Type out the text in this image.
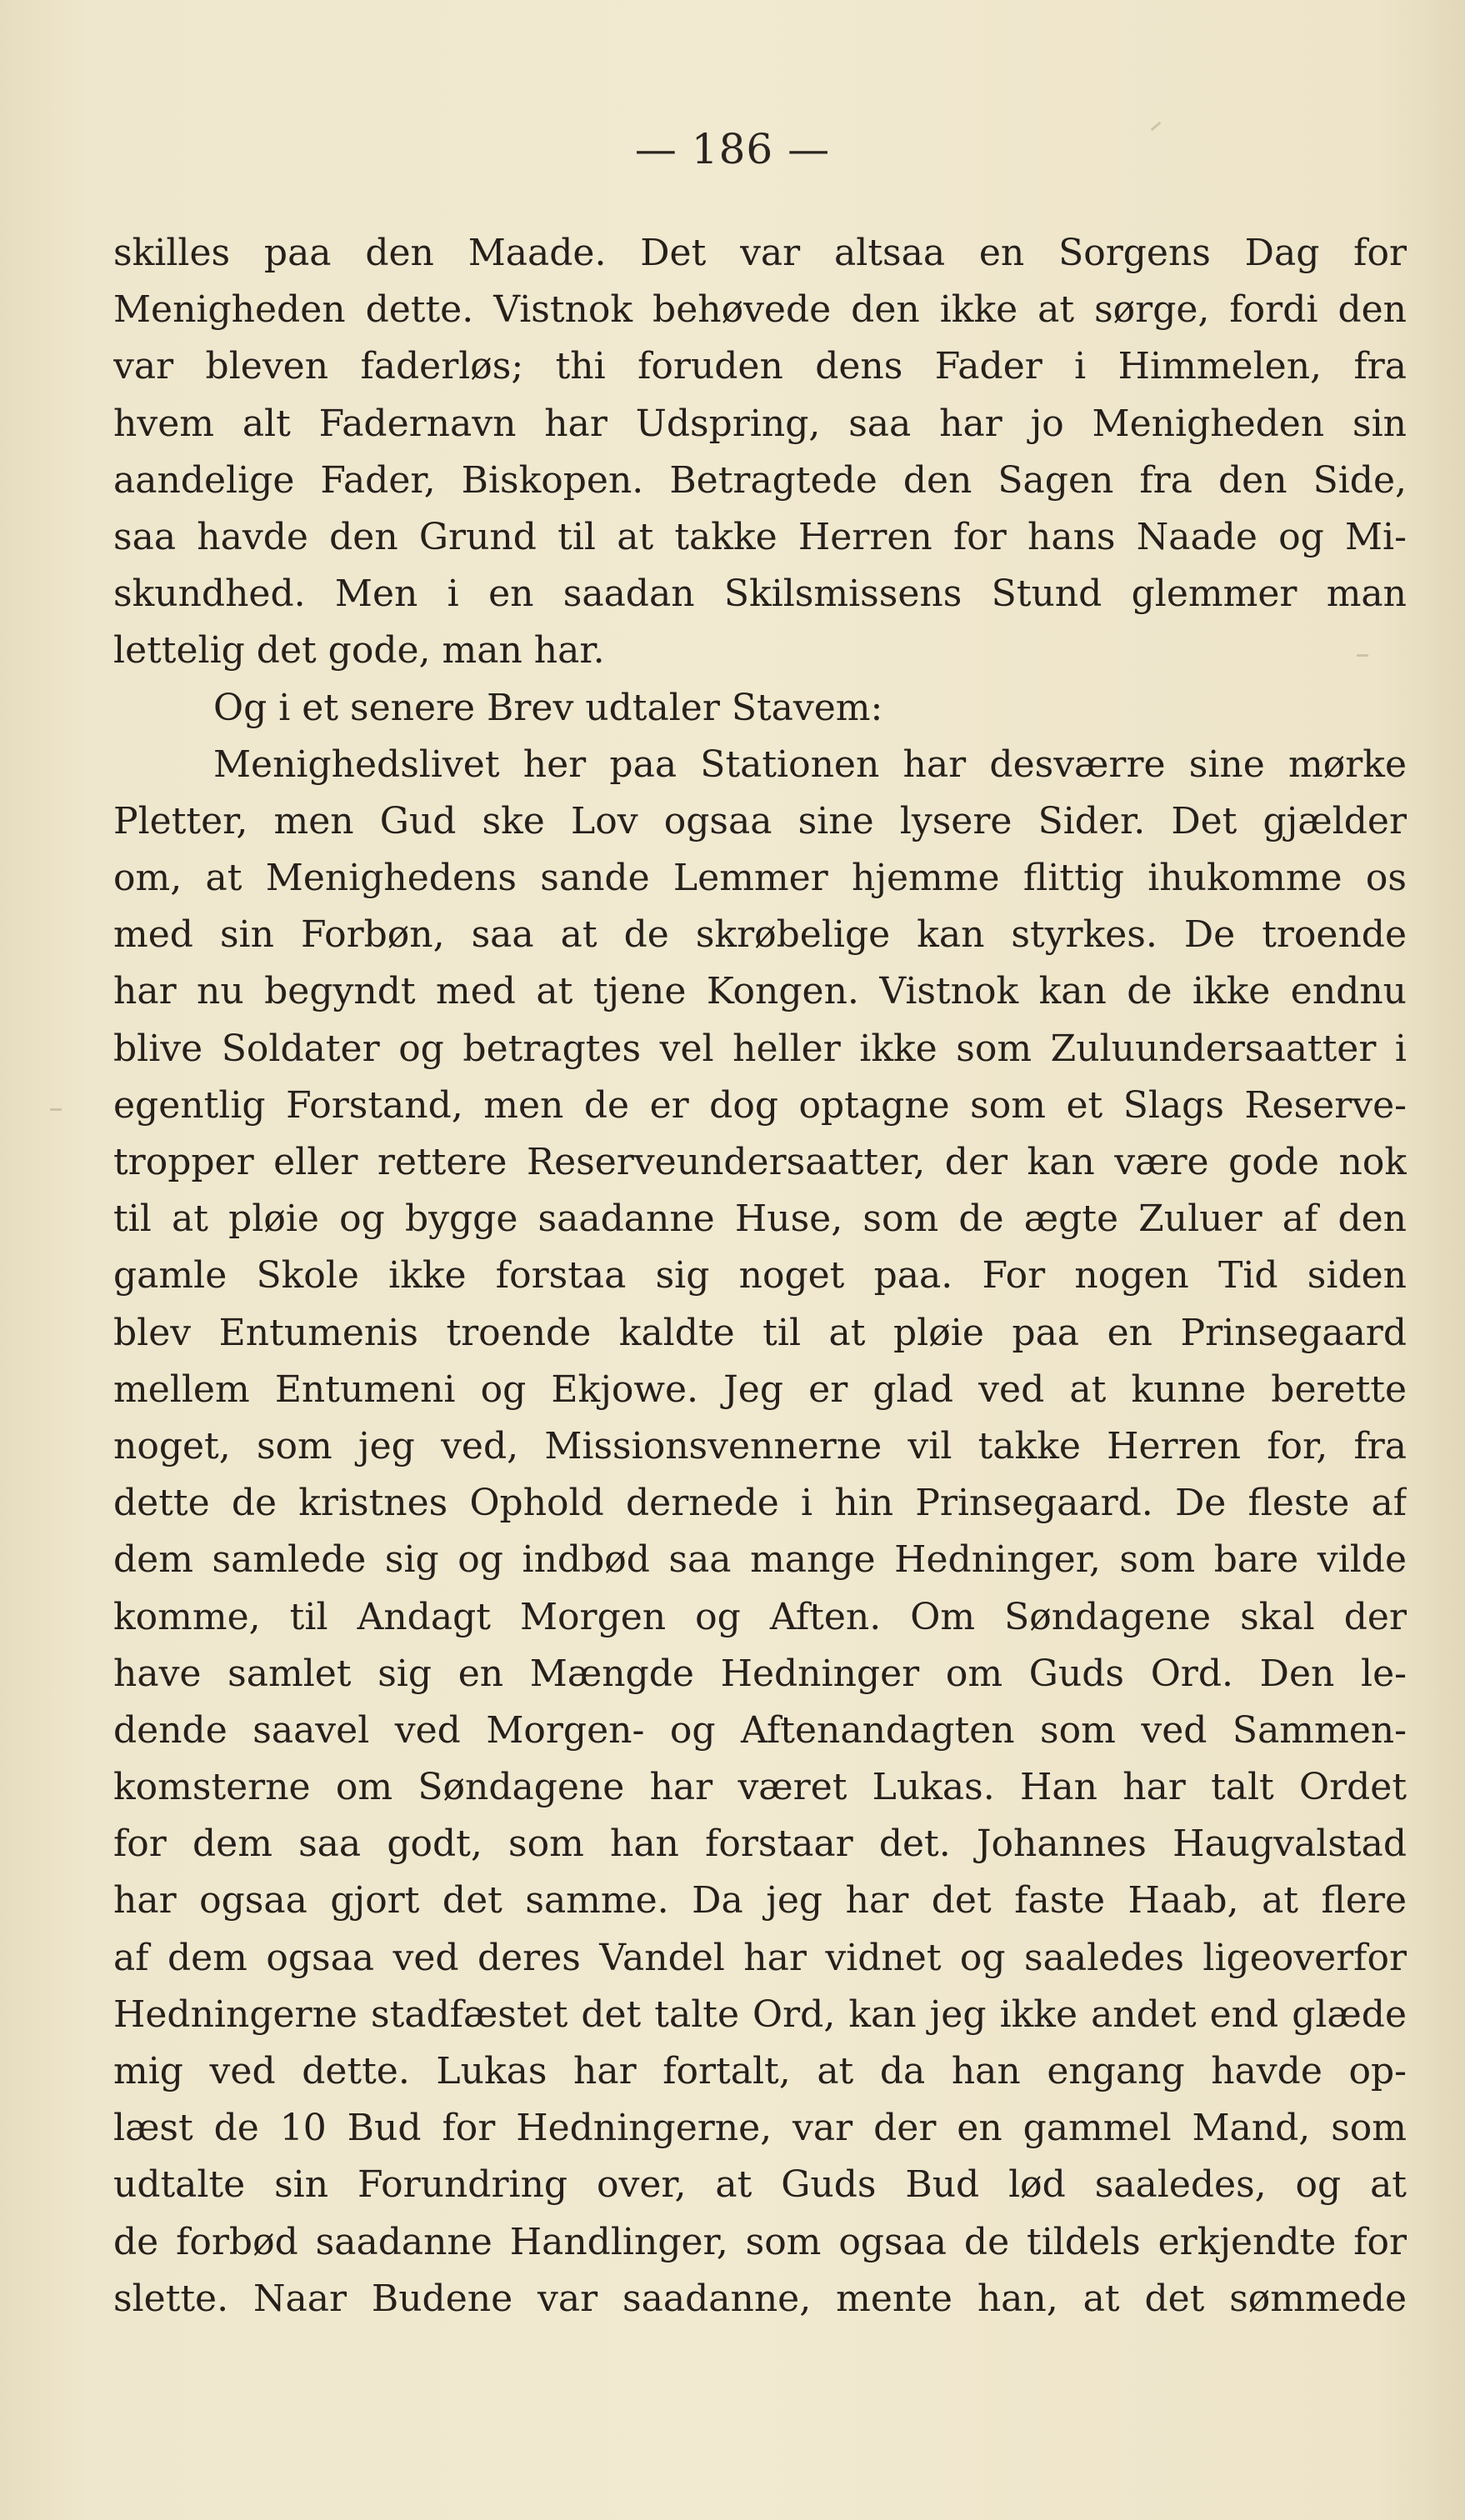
— 186 —
skilles paa den Maade. Det var altsaa en Sorgens Dag for
Menigheden dette. Vistnok behøvede den ikke at sørge, fordi den
var bleven faderløs; thi foruden dens Fader i Himmelen, fra
hvem alt Fadernavn har Udspring, saa har jo Menigheden sin
aandelige Fader, Biskopen. Betragtede den Sagen fra den Side,
saa havde den Grund til at takke Herren for hans Naade og Mi-
skundhed. Men i en saadan Skilsmissens Stund glemmer man
lettelig det gode, man har.
Og i et senere Brev udtaler Stavem:
Menighedslivet her paa Stationen har desværre sine mørke
Pletter, men Gud ske Lov ogsaa sine lysere Sider. Det gjælder
om, at Menighedens sande Lemmer hjemme flittig ihukomme os
med sin Forbøn, saa at de skrøbelige kan styrkes. De troende
har nu begyndt med at tjene Kongen. Vistnok kan de ikke endnu
blive Soldater og betragtes vel heller ikke som Zuluundersaatter i
egentlig Forstand, men de er dog optagne som et Slags Reserve-
tropper eller rettere Reserveundersaatter, der kan være gode nok
til at pløie og bygge saadanne Huse, som de ægte Zuluer af den
gamle Skole ikke forstaa sig noget paa. For nogen Tid siden
blev Entumenis troende kaldte til at pløie paa en Prinsegaard
mellem Entumeni og Ekjowe. Jeg er glad ved at kunne berette
noget, som jeg ved, Missionsvennerne vil takke Herren for, fra
dette de kristnes Ophold dernede i hin Prinsegaard. De fleste af
dem samlede sig og indbød saa mange Hedninger, som bare vilde
komme, til Andagt Morgen og Aften. Om Søndagene skal der
have samlet sig en Mængde Hedninger om Guds Ord. Den le-
dende saavel ved Morgen- og Aftenandagten som ved Sammen-
komsterne om Søndagene har været Lukas. Han har talt Ordet
for dem saa godt, som han forstaar det. Johannes Haugvalstad
har ogsaa gjort det samme. Da jeg har det faste Haab, at flere
af dem ogsaa ved deres Vandel har vidnet og saaledes ligeoverfor
Hedningerne stadfæstet det talte Ord, kan jeg ikke andet end glæde
mig ved dette. Lukas har fortalt, at da han engang havde op-
læst de 10 Bud for Hedningerne, var der en gammel Mand, som
udtalte sin Forundring over, at Guds Bud lød saaledes, og at
de forbød saadanne Handlinger, som ogsaa de tildels erkjendte for
slette. Naar Budene var saadanne, mente han, at det sømmede
